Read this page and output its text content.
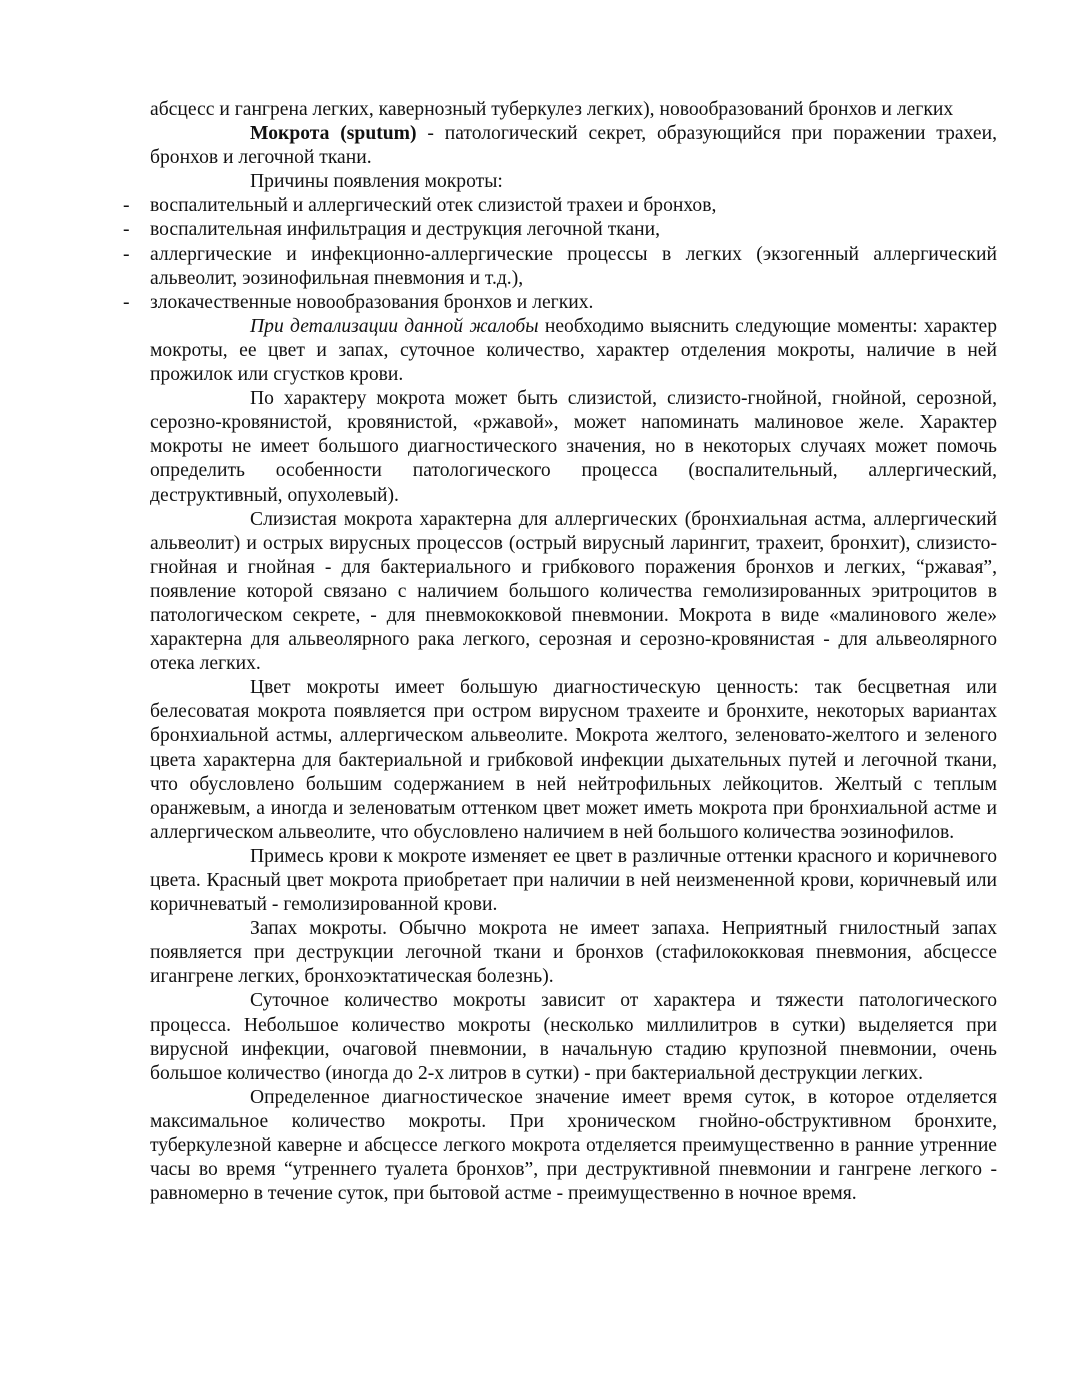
абсцесс и гангрена легких, кавернозный туберкулез легких), новообразований бронхов и легких

Мокрота (sputum) - патологический секрет, образующийся при поражении трахеи, бронхов и легочной ткани.

Причины появления мокроты:

- воспалительный и аллергический отек слизистой трахеи и бронхов,
- воспалительная инфильтрация и деструкция легочной ткани,
- аллергические и инфекционно-аллергические процессы в легких (экзогенный аллергический альвеолит, эозинофильная пневмония и т.д.),
- злокачественные новообразования бронхов и легких.

При детализации данной жалобы необходимо выяснить следующие моменты: характер мокроты, ее цвет и запах, суточное количество, характер отделения мокроты, наличие в ней прожилок или сгустков крови.

По характеру мокрота может быть слизистой, слизисто-гнойной, гнойной, серозной, серозно-кровянистой, кровянистой, «ржавой», может напоминать малиновое желе. Характер мокроты не имеет большого диагностического значения, но в некоторых случаях может помочь определить особенности патологического процесса (воспалительный, аллергический, деструктивный, опухолевый).

Слизистая мокрота характерна для аллергических (бронхиальная астма, аллергический альвеолит) и острых вирусных процессов (острый вирусный ларингит, трахеит, бронхит), слизисто-гнойная и гнойная - для бактериального и грибкового поражения бронхов и легких, “ржавая”, появление которой связано с наличием большого количества гемолизированных эритроцитов в патологическом секрете, - для пневмококковой пневмонии. Мокрота в виде «малинового желе» характерна для альвеолярного рака легкого, серозная и серозно-кровянистая - для альвеолярного отека легких.

Цвет мокроты имеет большую диагностическую ценность: так бесцветная или белесоватая мокрота появляется при остром вирусном трахеите и бронхите, некоторых вариантах бронхиальной астмы, аллергическом альвеолите. Мокрота желтого, зеленовато-желтого и зеленого цвета характерна для бактериальной и грибковой инфекции дыхательных путей и легочной ткани, что обусловлено большим содержанием в ней нейтрофильных лейкоцитов. Желтый с теплым оранжевым, а иногда и зеленоватым оттенком цвет может иметь мокрота при бронхиальной астме и аллергическом альвеолите, что обусловлено наличием в ней большого количества эозинофилов.

Примесь крови к мокроте изменяет ее цвет в различные оттенки красного и коричневого цвета. Красный цвет мокрота приобретает при наличии в ней неизмененной крови, коричневый или коричневатый - гемолизированной крови.

Запах мокроты. Обычно мокрота не имеет запаха. Неприятный гнилостный запах появляется при деструкции легочной ткани и бронхов (стафилококковая пневмония, абсцессе игангрене легких, бронхоэктатическая болезнь).

Суточное количество мокроты зависит от характера и тяжести патологического процесса. Небольшое количество мокроты (несколько миллилитров в сутки) выделяется при вирусной инфекции, очаговой пневмонии, в начальную стадию крупозной пневмонии, очень большое количество (иногда до 2-х литров в сутки) - при бактериальной деструкции легких.

Определенное диагностическое значение имеет время суток, в которое отделяется максимальное количество мокроты. При хроническом гнойно-обструктивном бронхите, туберкулезной каверне и абсцессе легкого мокрота отделяется преимущественно в ранние утренние часы во время “утреннего туалета бронхов”, при деструктивной пневмонии и гангрене легкого - равномерно в течение суток, при бытовой астме - преимущественно в ночное время.
